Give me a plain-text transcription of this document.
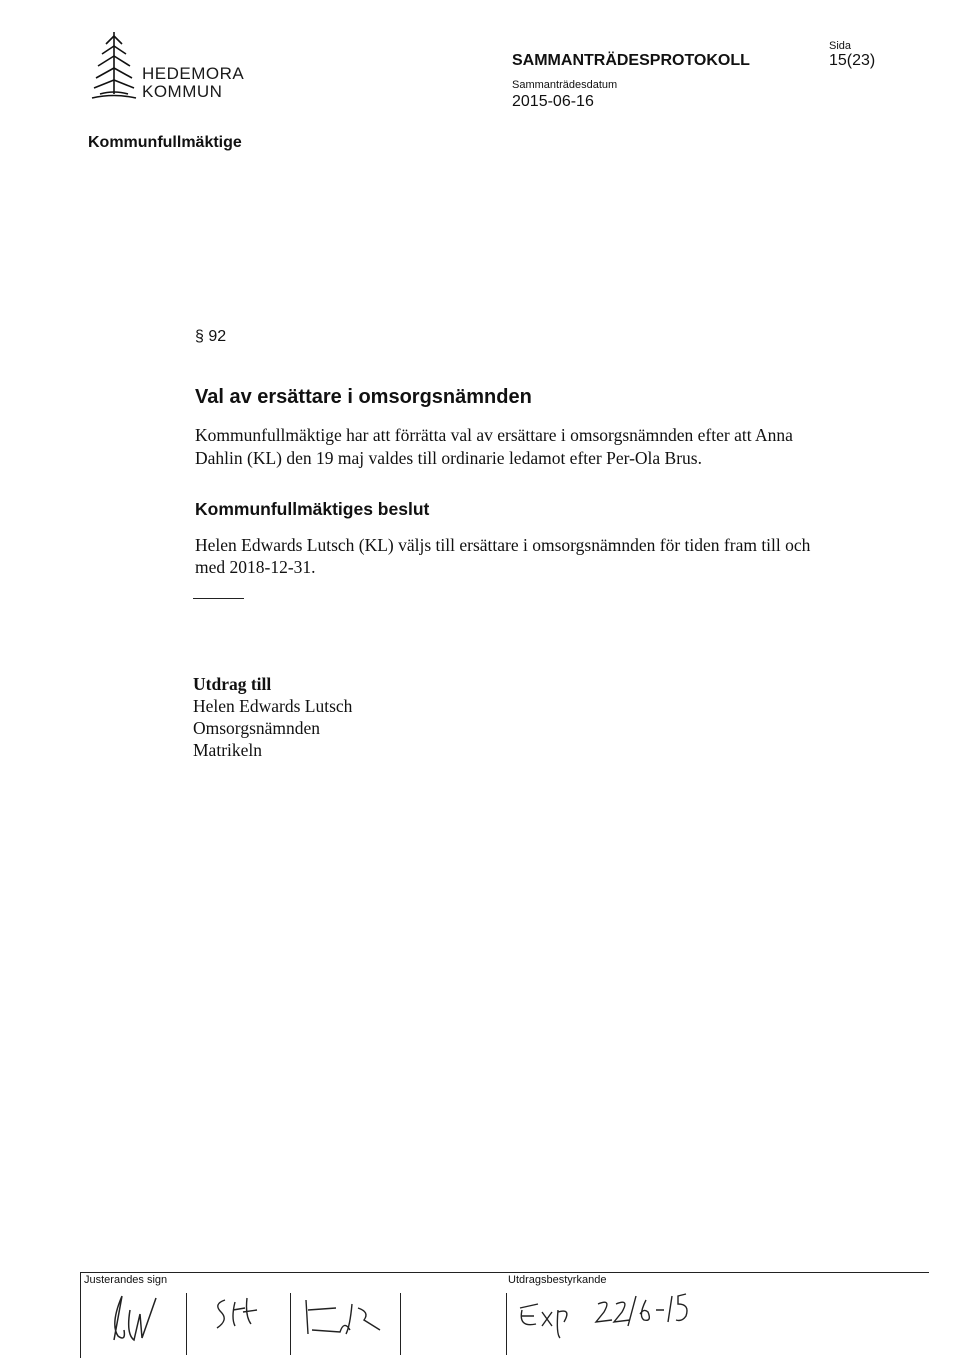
HEDEMORA
KOMMUN
SAMMANTRÄDESPROTOKOLL
Sammanträdesdatum
2015-06-16
Sida
15(23)
Kommunfullmäktige
§ 92
Val av ersättare i omsorgsnämnden
Kommunfullmäktige har att förrätta val av ersättare i omsorgsnämnden efter att Anna
Dahlin (KL) den 19 maj valdes till ordinarie ledamot efter Per-Ola Brus.
Kommunfullmäktiges beslut
Helen Edwards Lutsch (KL) väljs till ersättare i omsorgsnämnden för tiden fram till och
med 2018-12-31.
Utdrag till
Helen Edwards Lutsch
Omsorgsnämnden
Matrikeln
Justerandes sign	Utdragsbestyrkande
